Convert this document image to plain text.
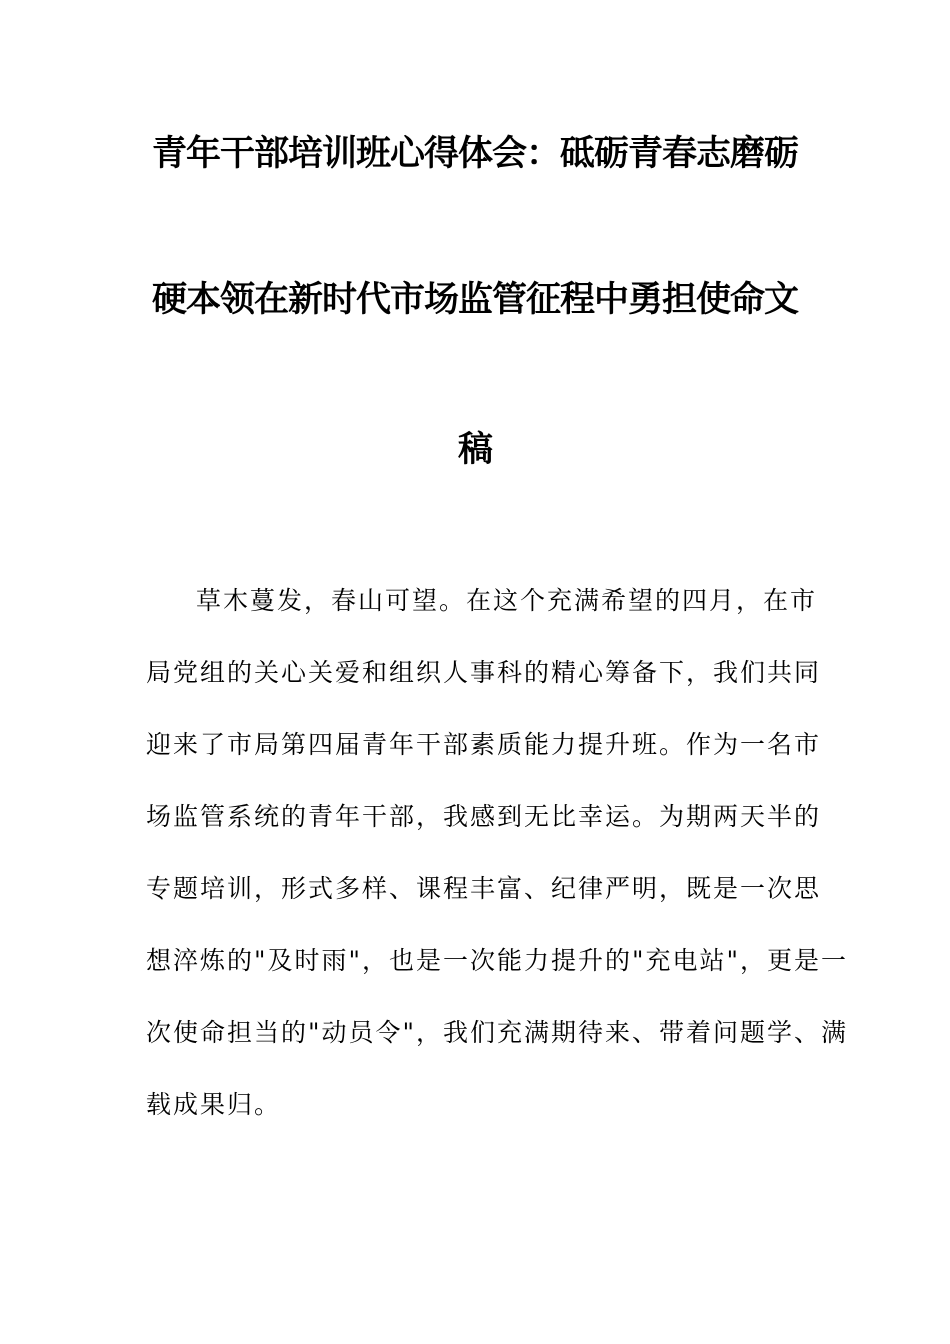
青年干部培训班心得体会：砥砺青春志磨砺
硬本领在新时代市场监管征程中勇担使命文
稿
草木蔓发，春山可望。在这个充满希望的四月，在市
局党组的关心关爱和组织人事科的精心筹备下，我们共同
迎来了市局第四届青年干部素质能力提升班。作为一名市
场监管系统的青年干部，我感到无比幸运。为期两天半的
专题培训，形式多样、课程丰富、纪律严明，既是一次思
想淬炼的"及时雨"，也是一次能力提升的"充电站"，更是一
次使命担当的"动员令"，我们充满期待来、带着问题学、满
载成果归。
